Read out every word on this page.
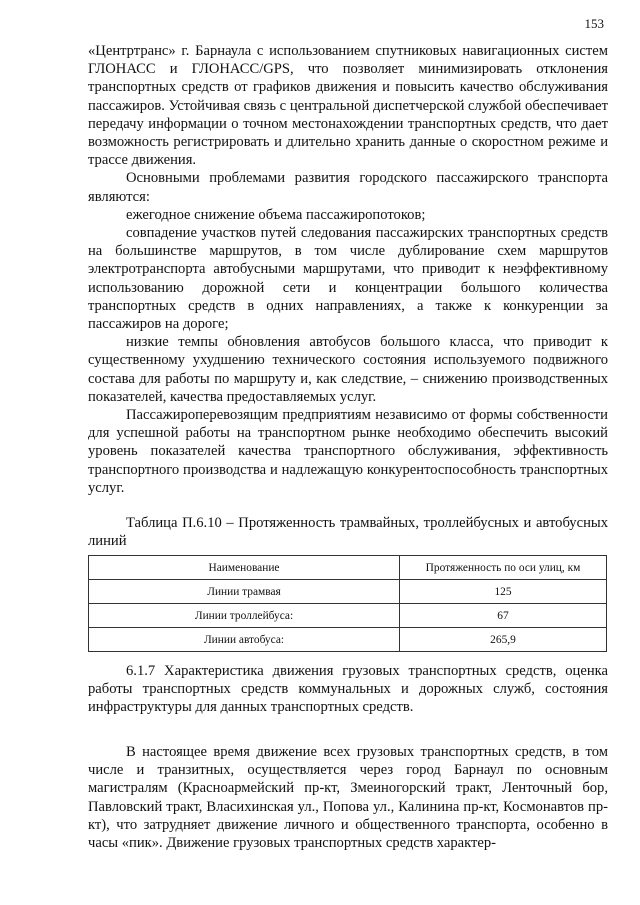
153

«Центртранс» г. Барнаула с использованием спутниковых навигационных систем ГЛОНАСС и ГЛОНАСС/GPS, что позволяет минимизировать отклонения транспортных средств от графиков движения и повысить качество обслуживания пассажиров. Устойчивая связь с центральной диспетчерской службой обеспечивает передачу информации о точном местонахождении транспортных средств, что дает возможность регистрировать и длительно хранить данные о скоростном режиме и трассе движения.

Основными проблемами развития городского пассажирского транспорта являются:

ежегодное снижение объема пассажиропотоков;

совпадение участков путей следования пассажирских транспортных средств на большинстве маршрутов, в том числе дублирование схем маршрутов электротранспорта автобусными маршрутами, что приводит к неэффективному использованию дорожной сети и концентрации большого количества транспортных средств в одних направлениях, а также к конкуренции за пассажиров на дороге;

низкие темпы обновления автобусов большого класса, что приводит к существенному ухудшению технического состояния используемого подвижного состава для работы по маршруту и, как следствие, – снижению производственных показателей, качества предоставляемых услуг.

Пассажироперевозящим предприятиям независимо от формы собственности для успешной работы на транспортном рынке необходимо обеспечить высокий уровень показателей качества транспортного обслуживания, эффективность транспортного производства и надлежащую конкурентоспособность транспортных услуг.

Таблица П.6.10 – Протяженность трамвайных, троллейбусных и автобусных линий

Наименование	Протяженность по оси улиц, км
Линии трамвая	125
Линии троллейбуса:	67
Линии автобуса:	265,9

6.1.7 Характеристика движения грузовых транспортных средств, оценка работы транспортных средств коммунальных и дорожных служб, состояния инфраструктуры для данных транспортных средств.

В настоящее время движение всех грузовых транспортных средств, в том числе и транзитных, осуществляется через город Барнаул по основным магистралям (Красноармейский пр-кт, Змеиногорский тракт, Ленточный бор, Павловский тракт, Власихинская ул., Попова ул., Калинина пр-кт, Космонавтов пр-кт), что затрудняет движение личного и общественного транспорта, особенно в часы «пик». Движение грузовых транспортных средств характер-
